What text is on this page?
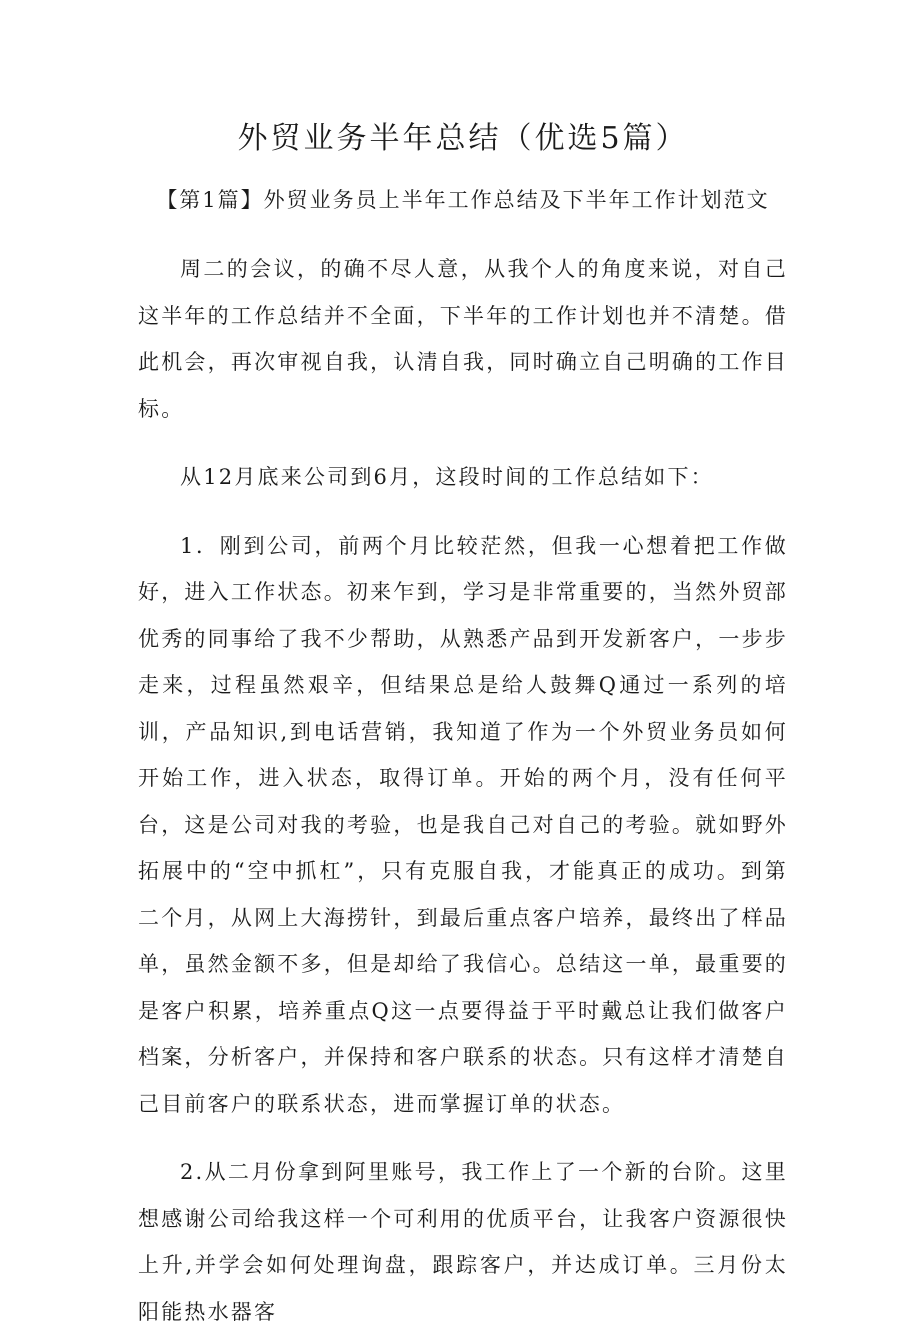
外贸业务半年总结（优选5篇）
【第1篇】外贸业务员上半年工作总结及下半年工作计划范文

周二的会议，的确不尽人意，从我个人的角度来说，对自己这半年的工作总结并不全面，下半年的工作计划也并不清楚。借此机会，再次审视自我，认清自我，同时确立自己明确的工作目标。

从12月底来公司到6月，这段时间的工作总结如下：

1．刚到公司，前两个月比较茫然，但我一心想着把工作做好，进入工作状态。初来乍到，学习是非常重要的，当然外贸部优秀的同事给了我不少帮助，从熟悉产品到开发新客户，一步步走来，过程虽然艰辛，但结果总是给人鼓舞Q通过一系列的培训，产品知识,到电话营销，我知道了作为一个外贸业务员如何开始工作，进入状态，取得订单。开始的两个月，没有任何平台，这是公司对我的考验，也是我自己对自己的考验。就如野外拓展中的“空中抓杠”，只有克服自我，才能真正的成功。到第二个月，从网上大海捞针，到最后重点客户培养，最终出了样品单，虽然金额不多，但是却给了我信心。总结这一单，最重要的是客户积累，培养重点Q这一点要得益于平时戴总让我们做客户档案，分析客户，并保持和客户联系的状态。只有这样才清楚自己目前客户的联系状态，进而掌握订单的状态。

2.从二月份拿到阿里账号，我工作上了一个新的台阶。这里想感谢公司给我这样一个可利用的优质平台，让我客户资源很快上升,并学会如何处理询盘，跟踪客户，并达成订单。三月份太阳能热水器客
